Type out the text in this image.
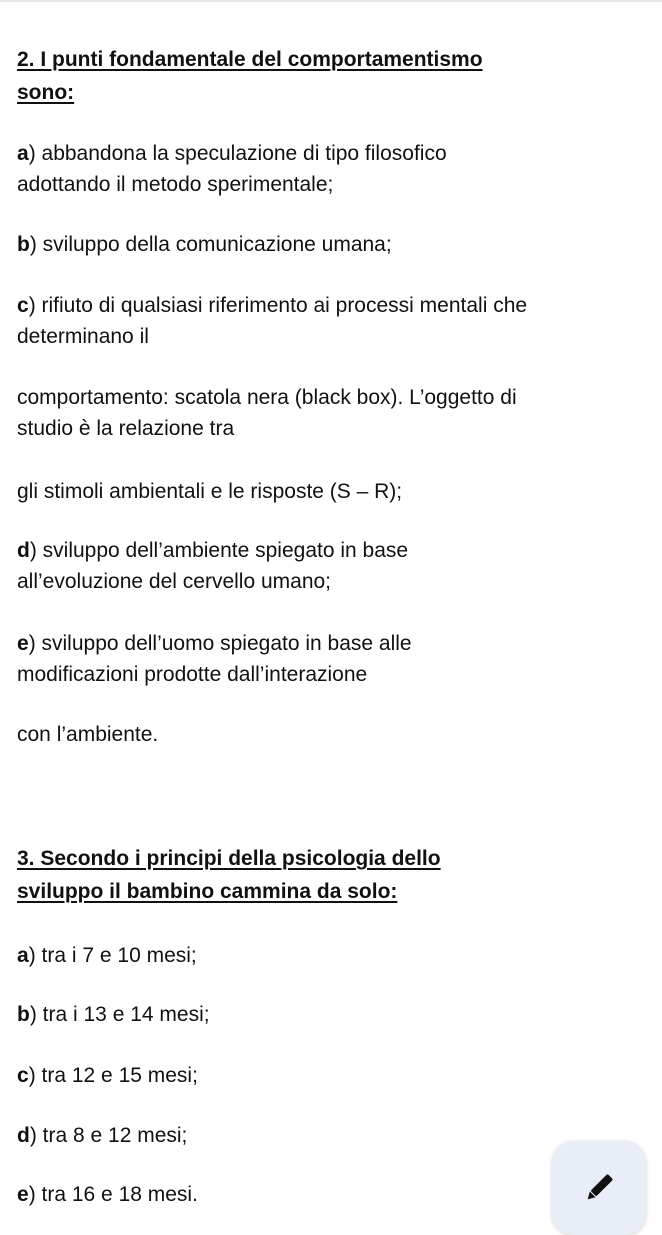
2. I punti fondamentale del comportamentismo
sono:
a) abbandona la speculazione di tipo filosofico
adottando il metodo sperimentale;
b) sviluppo della comunicazione umana;
c) rifiuto di qualsiasi riferimento ai processi mentali che
determinano il
comportamento: scatola nera (black box). L’oggetto di
studio è la relazione tra
gli stimoli ambientali e le risposte (S – R);
d) sviluppo dell’ambiente spiegato in base
all’evoluzione del cervello umano;
e) sviluppo dell’uomo spiegato in base alle
modificazioni prodotte dall’interazione
con l’ambiente.
3. Secondo i principi della psicologia dello
sviluppo il bambino cammina da solo:
a) tra i 7 e 10 mesi;
b) tra i 13 e 14 mesi;
c) tra 12 e 15 mesi;
d) tra 8 e 12 mesi;
e) tra 16 e 18 mesi.
